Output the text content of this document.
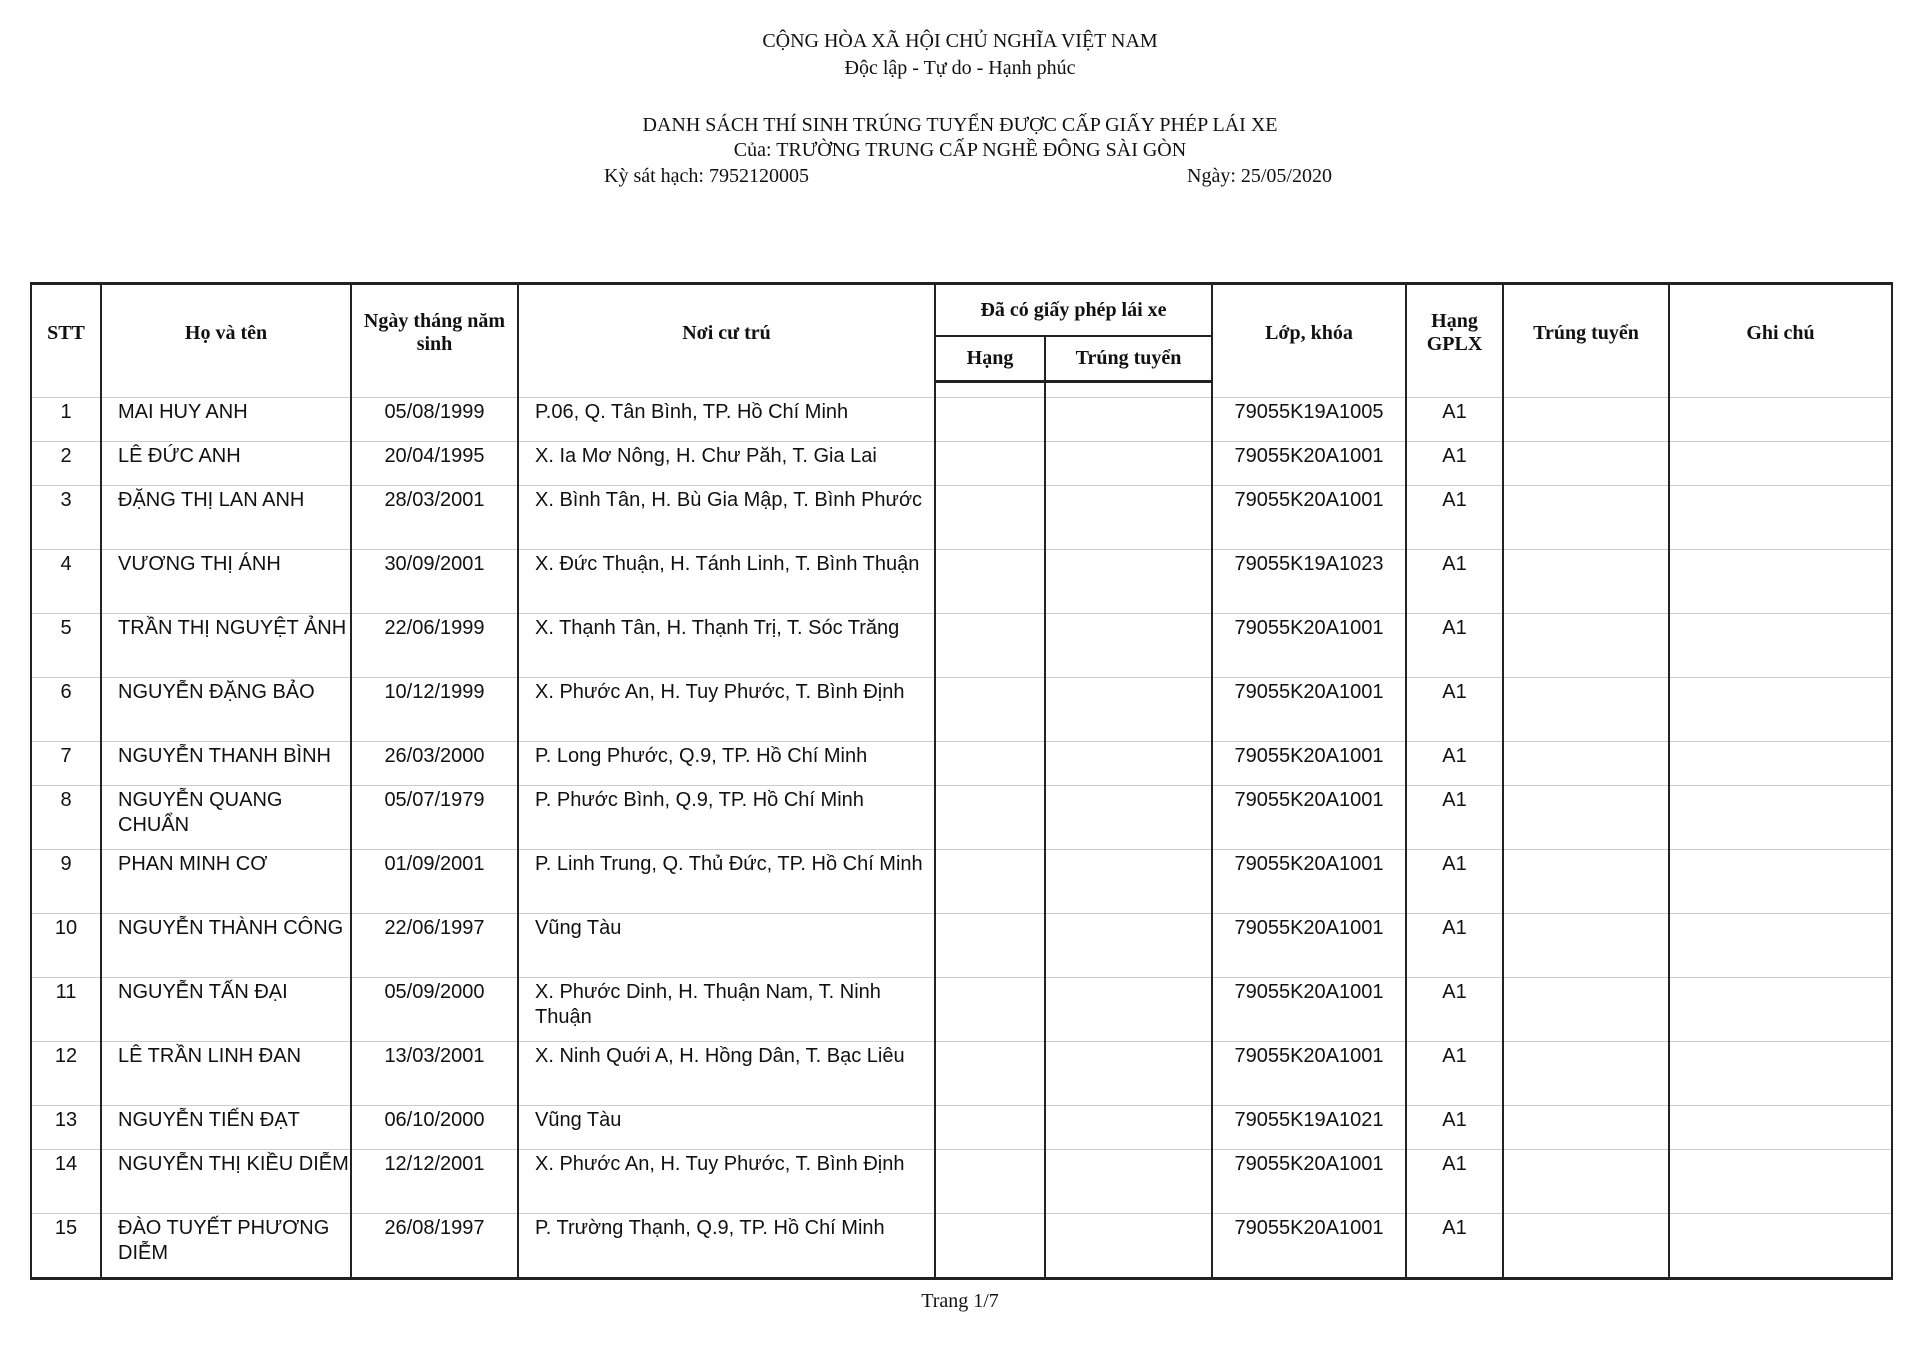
CỘNG HÒA XÃ HỘI CHỦ NGHĨA VIỆT NAM
Độc lập - Tự do - Hạnh phúc
DANH SÁCH THÍ SINH TRÚNG TUYỂN ĐƯỢC CẤP GIẤY PHÉP LÁI XE
Của: TRƯỜNG TRUNG CẤP NGHỀ ĐÔNG SÀI GÒN
Kỳ sát hạch: 7952120005	Ngày: 25/05/2020
STT	Họ và tên	Ngày tháng năm sinh	Nơi cư trú	Đã có giấy phép lái xe		Lớp, khóa	Hạng GPLX	Trúng tuyển	Ghi chú
				Hạng	Trúng tuyển				

1	MAI HUY ANH	05/08/1999	P.06, Q. Tân Bình, TP. Hồ Chí Minh			79055K19A1005	A1		
2	LÊ ĐỨC ANH	20/04/1995	X. Ia Mơ Nông, H. Chư Păh, T. Gia Lai			79055K20A1001	A1		
3	ĐẶNG THỊ LAN ANH	28/03/2001	X. Bình Tân, H. Bù Gia Mập, T. Bình Phước			79055K20A1001	A1		
4	VƯƠNG THỊ ÁNH	30/09/2001	X. Đức Thuận, H. Tánh Linh, T. Bình Thuận			79055K19A1023	A1		
5	TRẦN THỊ NGUYỆT ẢNH	22/06/1999	X. Thạnh Tân, H. Thạnh Trị, T. Sóc Trăng			79055K20A1001	A1		
6	NGUYỄN ĐẶNG BẢO	10/12/1999	X. Phước An, H. Tuy Phước, T. Bình Định			79055K20A1001	A1		
7	NGUYỄN THANH BÌNH	26/03/2000	P. Long Phước, Q.9, TP. Hồ Chí Minh			79055K20A1001	A1		
8	NGUYỄN QUANG CHUẨN	05/07/1979	P. Phước Bình, Q.9, TP. Hồ Chí Minh			79055K20A1001	A1		
9	PHAN MINH CƠ	01/09/2001	P. Linh Trung, Q. Thủ Đức, TP. Hồ Chí Minh			79055K20A1001	A1		
10	NGUYỄN THÀNH CÔNG	22/06/1997	Vũng Tàu			79055K20A1001	A1		
11	NGUYỄN TẤN ĐẠI	05/09/2000	X. Phước Dinh, H. Thuận Nam, T. Ninh Thuận			79055K20A1001	A1		
12	LÊ TRẦN LINH ĐAN	13/03/2001	X. Ninh Quới A, H. Hồng Dân, T. Bạc Liêu			79055K20A1001	A1		
13	NGUYỄN TIẾN ĐẠT	06/10/2000	Vũng Tàu			79055K19A1021	A1		
14	NGUYỄN THỊ KIỀU DIỄM	12/12/2001	X. Phước An, H. Tuy Phước, T. Bình Định			79055K20A1001	A1		
15	ĐÀO TUYẾT PHƯƠNG DIỄM	26/08/1997	P. Trường Thạnh, Q.9, TP. Hồ Chí Minh			79055K20A1001	A1		
Trang 1/7
